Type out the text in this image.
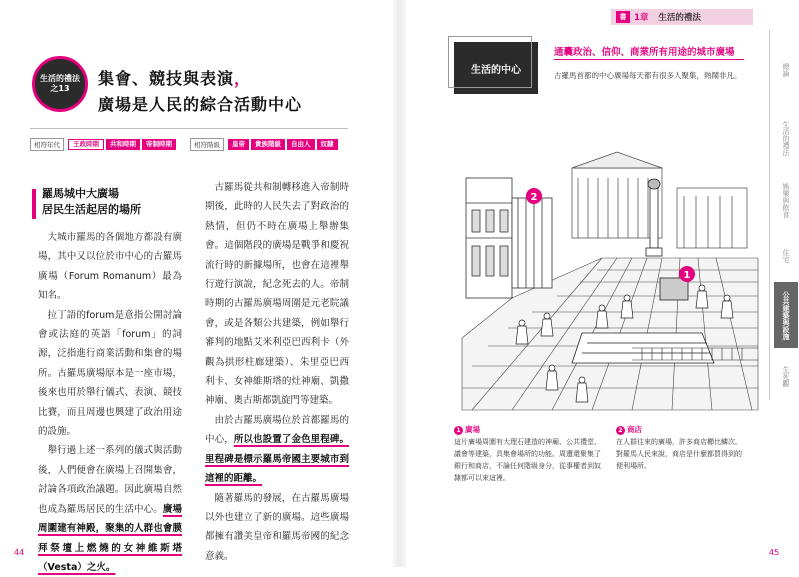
生活的禮法
之13
集會、競技與表演，
廣場是人民的綜合活動中心
相符年代	王政時期	共和時期	帝制時期	相符階級	皇帝	貴族階級	自由人	奴隸
羅馬城中大廣場
居民生活起居的場所

大城市羅馬的各個地方都設有廣場，其中又以位於市中心的古羅馬廣場（Forum Romanum）最為知名。

拉丁語的forum是意指公開討論會或法庭的英語「forum」的詞源，泛指進行商業活動和集會的場所。古羅馬廣場原本是一座市場，後來也用於舉行儀式、表演、競技比賽，而且周邊也興建了政治用途的設施。

舉行過上述一系列的儀式與活動後，人們便會在廣場上召開集會，討論各項政治議題。因此廣場自然也成為羅馬居民的生活中心。廣場周圍建有神殿，聚集的人群也會膜拜祭壇上燃燒的女神維斯塔（Vesta）之火。

古羅馬從共和制轉移進入帝制時期後，此時的人民失去了對政治的熱情，但仍不時在廣場上舉辦集會。這個階段的廣場是戰爭和慶祝流行時的新據場所，也會在這裡舉行遊行演說，紀念死去的人。帝制時期的古羅馬廣場周圍是元老院議會，或是各類公共建築，例如舉行審判的地點艾米利亞巴西利卡（外觀為拱形柱廊建築）、朱里亞巴西利卡、女神維斯塔的灶神廟、凱撒神廟、奧古斯都凱旋門等建築。

由於古羅馬廣場位於首都羅馬的中心，所以也設置了金色里程碑。里程碑是標示羅馬帝國主要城市到這裡的距離。

隨著羅馬的發展，在古羅馬廣場以外也建立了新的廣場。這些廣場都擁有讚美皇帝和羅馬帝國的紀念意義。

44
書 1章 生活的禮法
生活的中心
通囊政治、信仰、商業所有用途的城市廣場
古羅馬首都的中心廣場每天都有很多人聚集，熱鬧非凡。
2
1
1 廣場
這片廣場周圍有大理石建造的神廟、公共禮堂、議會等建築，具集會場所的功能。周遭還聚集了銀行和商店，不論任何階級身分，從事權者到奴隸都可以來這裡。
2 商店
在人群往來的廣場，許多商店櫛比鱗次。對羅馬人民來說，商店是什麼都買得到的便利場所。
總論
生活的禮法
娛樂與飲食
住宅
公共建築與設施
生死觀
45
